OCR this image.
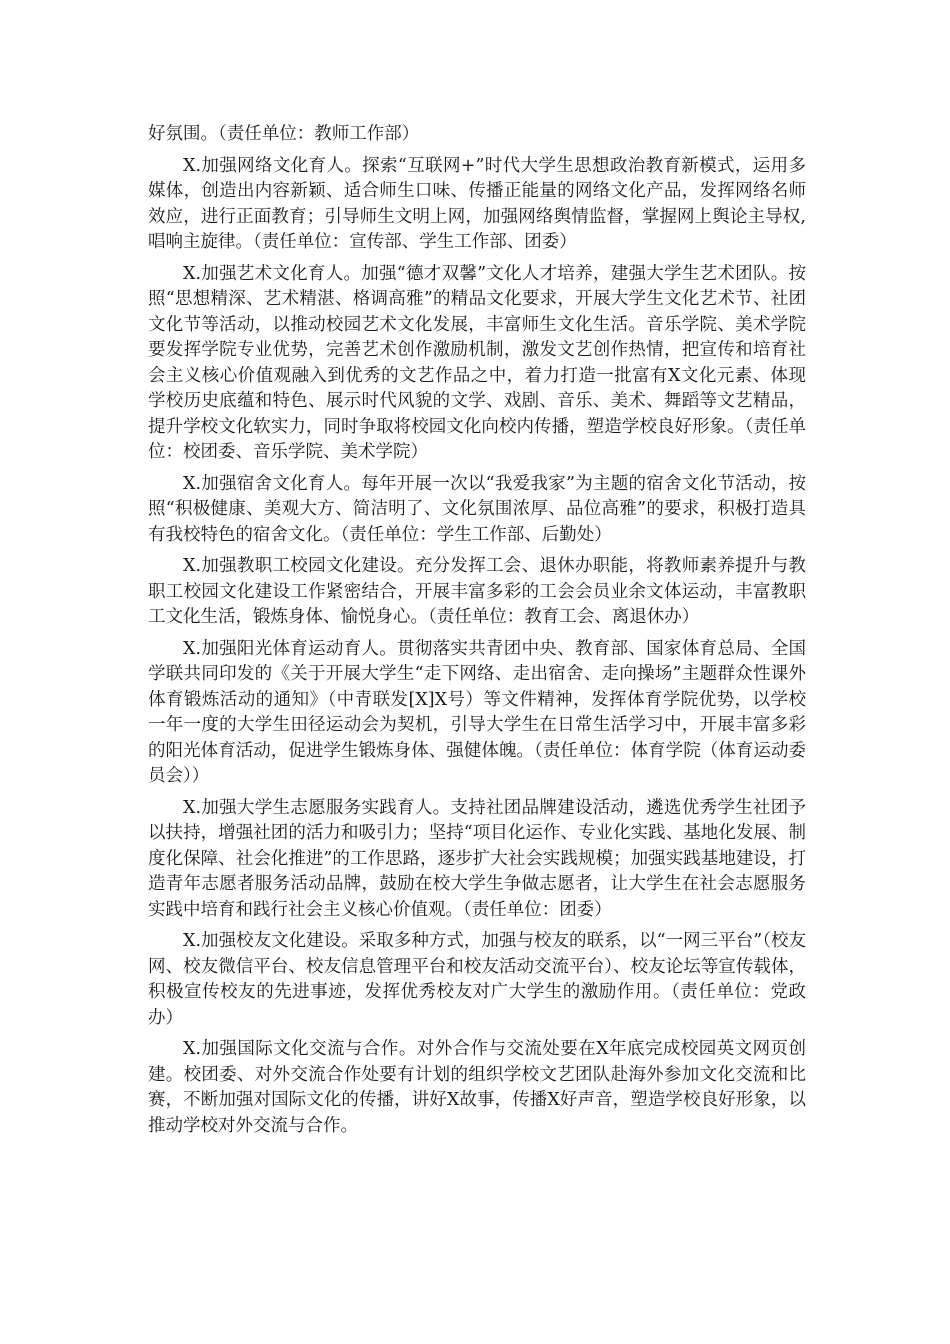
好氛围。（责任单位：教师工作部）

X.加强网络文化育人。探索“互联网+”时代大学生思想政治教育新模式，运用多媒体，创造出内容新颖、适合师生口味、传播正能量的网络文化产品，发挥网络名师效应，进行正面教育；引导师生文明上网，加强网络舆情监督，掌握网上舆论主导权,唱响主旋律。（责任单位：宣传部、学生工作部、团委）

X.加强艺术文化育人。加强“德才双馨”文化人才培养，建强大学生艺术团队。按照“思想精深、艺术精湛、格调高雅”的精品文化要求，开展大学生文化艺术节、社团文化节等活动，以推动校园艺术文化发展，丰富师生文化生活。音乐学院、美术学院要发挥学院专业优势，完善艺术创作激励机制，激发文艺创作热情，把宣传和培育社会主义核心价值观融入到优秀的文艺作品之中，着力打造一批富有X文化元素、体现学校历史底蕴和特色、展示时代风貌的文学、戏剧、音乐、美术、舞蹈等文艺精品，提升学校文化软实力，同时争取将校园文化向校内传播，塑造学校良好形象。（责任单位：校团委、音乐学院、美术学院）

X.加强宿舍文化育人。每年开展一次以“我爱我家”为主题的宿舍文化节活动，按照“积极健康、美观大方、简洁明了、文化氛围浓厚、品位高雅”的要求，积极打造具有我校特色的宿舍文化。（责任单位：学生工作部、后勤处）

X.加强教职工校园文化建设。充分发挥工会、退休办职能，将教师素养提升与教职工校园文化建设工作紧密结合，开展丰富多彩的工会会员业余文体运动，丰富教职工文化生活，锻炼身体、愉悦身心。（责任单位：教育工会、离退休办）

X.加强阳光体育运动育人。贯彻落实共青团中央、教育部、国家体育总局、全国学联共同印发的《关于开展大学生“走下网络、走出宿舍、走向操场”主题群众性课外体育锻炼活动的通知》（中青联发[X]X号）等文件精神，发挥体育学院优势，以学校一年一度的大学生田径运动会为契机，引导大学生在日常生活学习中，开展丰富多彩的阳光体育活动，促进学生锻炼身体、强健体魄。（责任单位：体育学院（体育运动委员会））

X.加强大学生志愿服务实践育人。支持社团品牌建设活动，遴选优秀学生社团予以扶持，增强社团的活力和吸引力；坚持“项目化运作、专业化实践、基地化发展、制度化保障、社会化推进”的工作思路，逐步扩大社会实践规模；加强实践基地建设，打造青年志愿者服务活动品牌，鼓励在校大学生争做志愿者，让大学生在社会志愿服务实践中培育和践行社会主义核心价值观。（责任单位：团委）

X.加强校友文化建设。采取多种方式，加强与校友的联系，以“一网三平台”（校友网、校友微信平台、校友信息管理平台和校友活动交流平台）、校友论坛等宣传载体，积极宣传校友的先进事迹，发挥优秀校友对广大学生的激励作用。（责任单位：党政办）

X.加强国际文化交流与合作。对外合作与交流处要在X年底完成校园英文网页创建。校团委、对外交流合作处要有计划的组织学校文艺团队赴海外参加文化交流和比赛，不断加强对国际文化的传播，讲好X故事，传播X好声音，塑造学校良好形象，以推动学校对外交流与合作。
